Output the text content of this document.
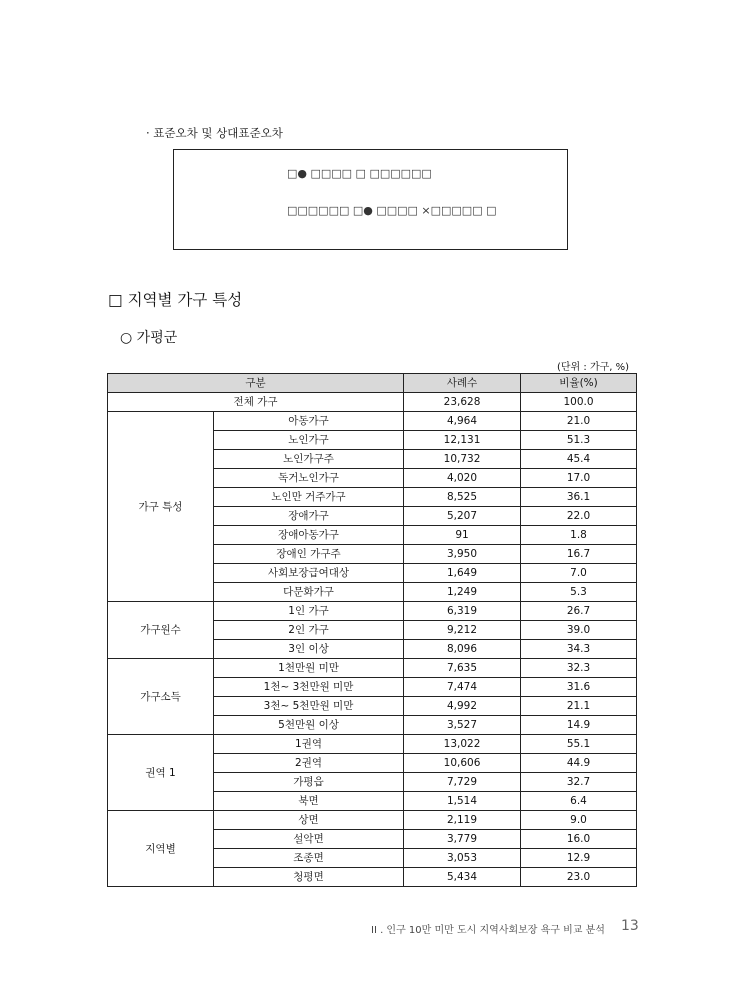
· 표준오차 및 상대표준오차
□● □□□□ □ □□□□□□
□□□□□□ □● □□□□ ×□□□□□ □
□ 지역별 가구 특성
○ 가평군
(단위 : 가구, %)
구분		사례수	비율(%)
전체 가구		23,628	100.0
가구 특성	아동가구	4,964	21.0
	노인가구	12,131	51.3
	노인가구주	10,732	45.4
	독거노인가구	4,020	17.0
	노인만 거주가구	8,525	36.1
	장애가구	5,207	22.0
	장애아동가구	91	1.8
	장애인 가구주	3,950	16.7
	사회보장급여대상	1,649	7.0
	다문화가구	1,249	5.3
가구원수	1인 가구	6,319	26.7
	2인 가구	9,212	39.0
	3인 이상	8,096	34.3
가구소득	1천만원 미만	7,635	32.3
	1천~ 3천만원 미만	7,474	31.6
	3천~ 5천만원 미만	4,992	21.1
	5천만원 이상	3,527	14.9
권역 1	1권역	13,022	55.1
	2권역	10,606	44.9
	가평읍	7,729	32.7
	북면	1,514	6.4
지역별	상면	2,119	9.0
	설악면	3,779	16.0
	조종면	3,053	12.9
	청평면	5,434	23.0
II . 인구 10만 미만 도시 지역사회보장 욕구 비교 분석 13
